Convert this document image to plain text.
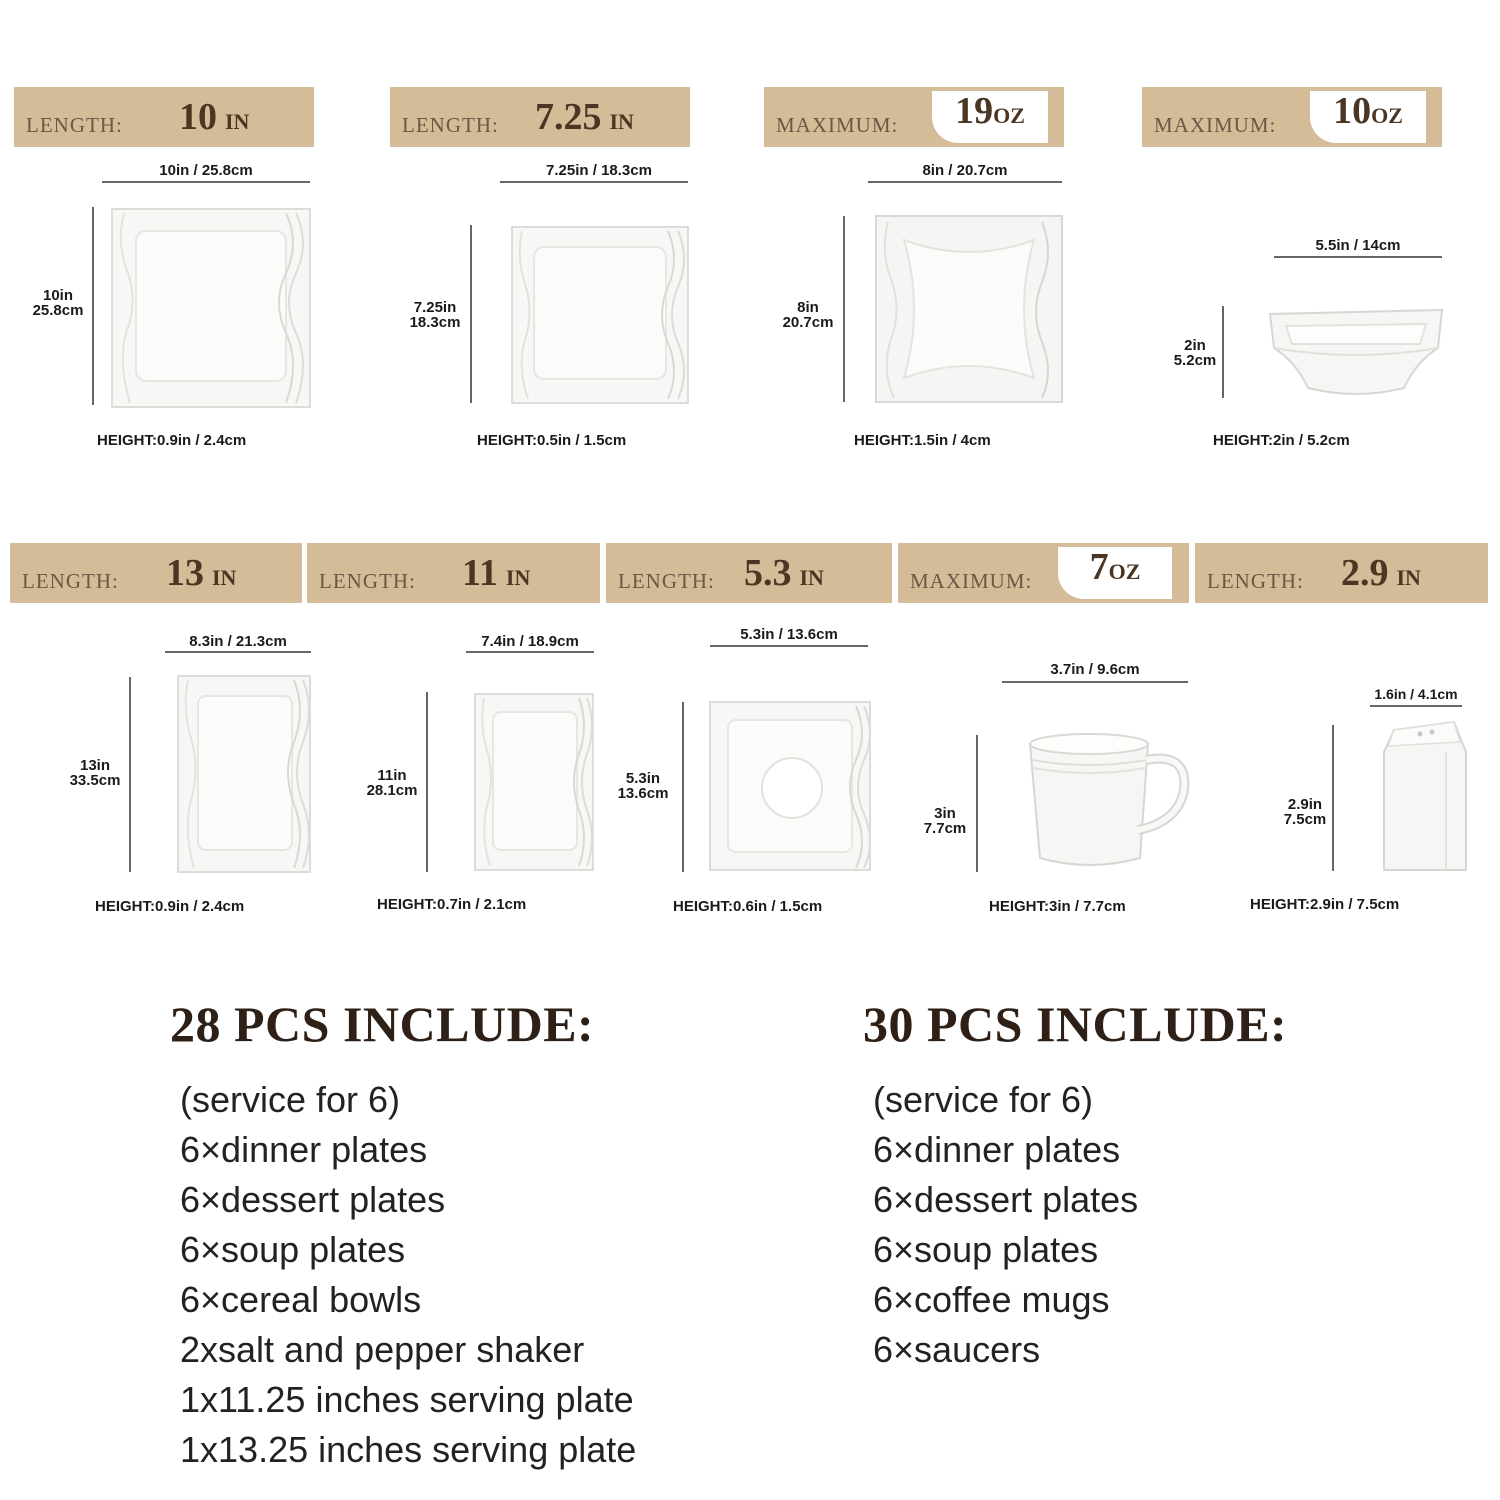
LENGTH: 10 IN
10in / 25.8cm
10in
25.8cm
HEIGHT:0.9in / 2.4cm
LENGTH: 7.25 IN
7.25in / 18.3cm
7.25in
18.3cm
HEIGHT:0.5in / 1.5cm
MAXIMUM:	19OZ
8in / 20.7cm
8in
20.7cm
HEIGHT:1.5in / 4cm
MAXIMUM:	10OZ
5.5in / 14cm
2in
5.2cm
HEIGHT:2in / 5.2cm
LENGTH: 13 IN
8.3in / 21.3cm
13in
33.5cm
HEIGHT:0.9in / 2.4cm
LENGTH: 11 IN
7.4in / 18.9cm
11in
28.1cm
HEIGHT:0.7in / 2.1cm
LENGTH: 5.3 IN
5.3in / 13.6cm
5.3in
13.6cm
HEIGHT:0.6in / 1.5cm
MAXIMUM:	7OZ
3.7in / 9.6cm
3in
7.7cm
HEIGHT:3in / 7.7cm
LENGTH: 2.9 IN
1.6in / 4.1cm
2.9in
7.5cm
HEIGHT:2.9in / 7.5cm
28 PCS INCLUDE:
(service for 6)
6×dinner plates
6×dessert plates
6×soup plates
6×cereal bowls
2xsalt and pepper shaker
1x11.25 inches serving plate
1x13.25 inches serving plate
30 PCS INCLUDE:
(service for 6)
6×dinner plates
6×dessert plates
6×soup plates
6×coffee mugs
6×saucers
